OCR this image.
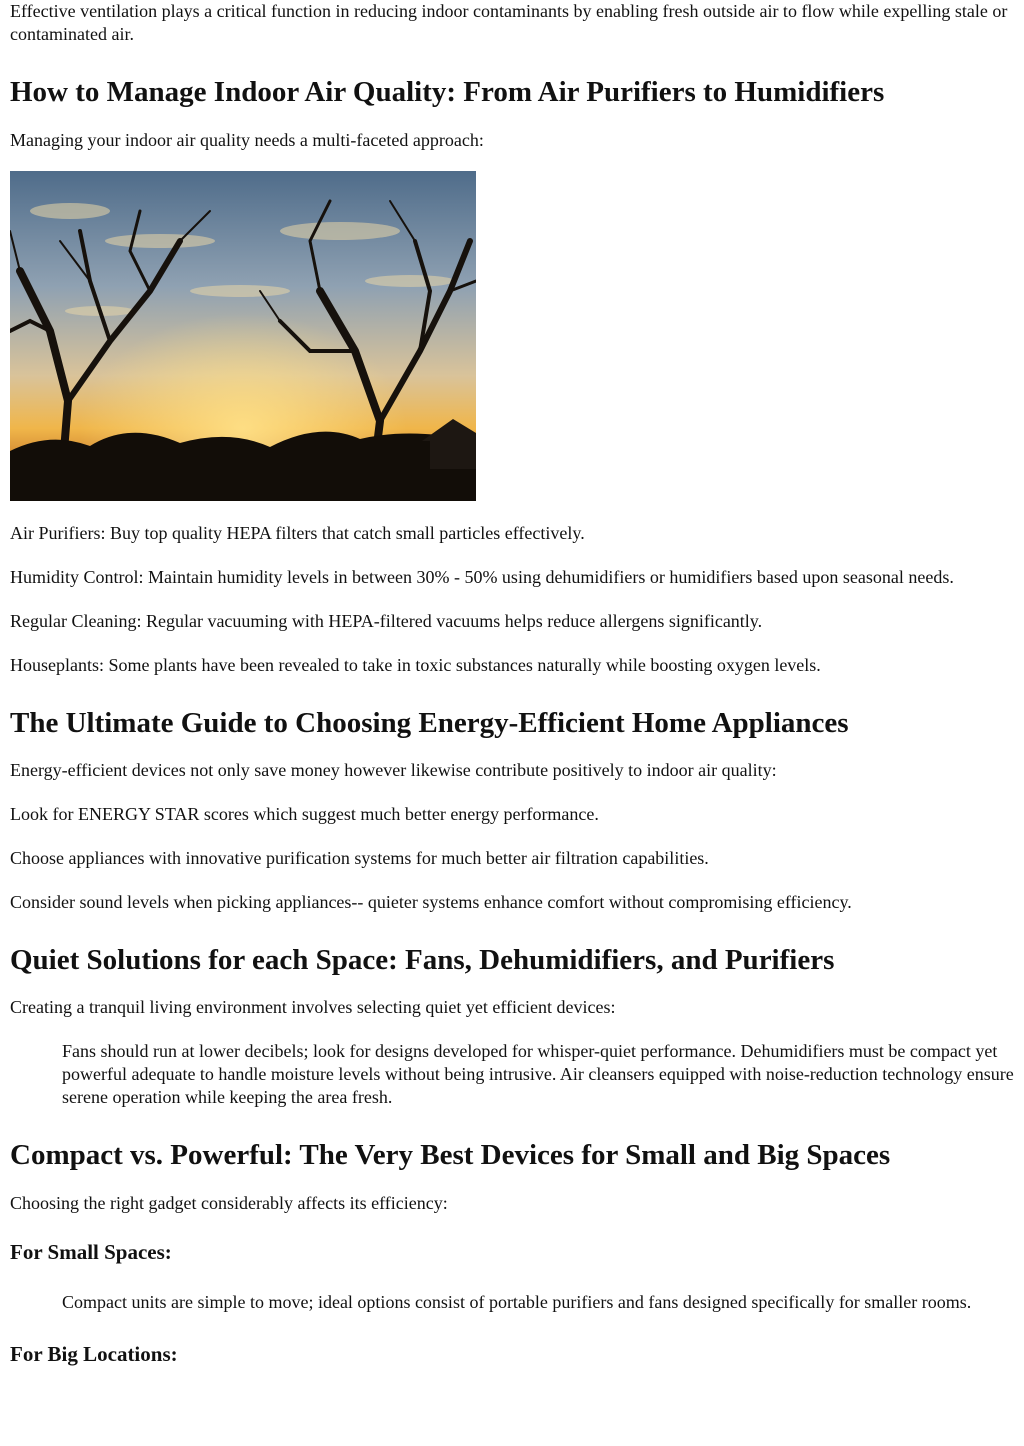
Effective ventilation plays a critical function in reducing indoor contaminants by enabling fresh outside air to flow while expelling stale or contaminated air.

How to Manage Indoor Air Quality: From Air Purifiers to Humidifiers

Managing your indoor air quality needs a multi-faceted approach:

Air Purifiers: Buy top quality HEPA filters that catch small particles effectively.

Humidity Control: Maintain humidity levels in between 30% - 50% using dehumidifiers or humidifiers based upon seasonal needs.

Regular Cleaning: Regular vacuuming with HEPA-filtered vacuums helps reduce allergens significantly.

Houseplants: Some plants have been revealed to take in toxic substances naturally while boosting oxygen levels.

The Ultimate Guide to Choosing Energy-Efficient Home Appliances

Energy-efficient devices not only save money however likewise contribute positively to indoor air quality:

Look for ENERGY STAR scores which suggest much better energy performance.

Choose appliances with innovative purification systems for much better air filtration capabilities.

Consider sound levels when picking appliances-- quieter systems enhance comfort without compromising efficiency.

Quiet Solutions for each Space: Fans, Dehumidifiers, and Purifiers

Creating a tranquil living environment involves selecting quiet yet efficient devices:

Fans should run at lower decibels; look for designs developed for whisper-quiet performance. Dehumidifiers must be compact yet powerful adequate to handle moisture levels without being intrusive. Air cleansers equipped with noise-reduction technology ensure serene operation while keeping the area fresh.
Compact vs. Powerful: The Very Best Devices for Small and Big Spaces

Choosing the right gadget considerably affects its efficiency:

For Small Spaces:
Compact units are simple to move; ideal options consist of portable purifiers and fans designed specifically for smaller rooms.
For Big Locations:
